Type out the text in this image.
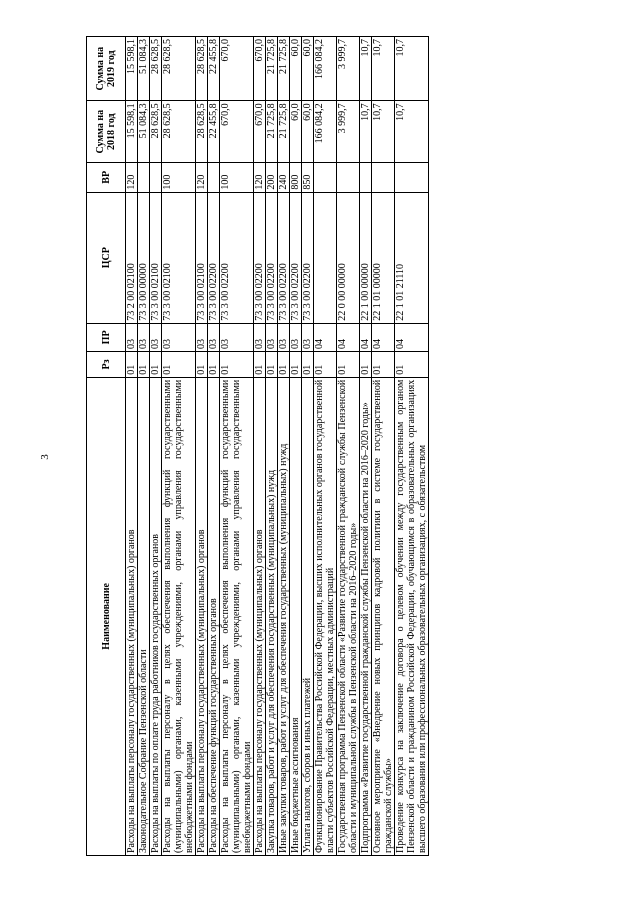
3
Наименование	Рз	ПР	ЦСР	ВР	Сумма на 2018 год	Сумма на 2019 год
Расходы на выплаты персоналу государственных (муниципальных) органов	01	03	73 2 00 02100	120	15 598,1	15 598,1
Законодательное Собрание Пензенской области	01	03	73 3 00 00000		51 084,3	51 084,3
Расходы на выплаты по оплате труда работников государственных органов	01	03	73 3 00 02100		28 628,5	28 628,5
Расходы на выплаты персоналу в целях обеспечения выполнения функций государственными (муниципальными) органами, казенными учреждениями, органами управления государственными внебюджетными фондами	01	03	73 3 00 02100	100	28 628,5	28 628,5
Расходы на выплаты персоналу государственных (муниципальных) органов	01	03	73 3 00 02100	120	28 628,5	28 628,5
Расходы на обеспечение функций государственных органов	01	03	73 3 00 02200		22 455,8	22 455,8
Расходы на выплаты персоналу в целях обеспечения выполнения функций государственными (муниципальными) органами, казенными учреждениями, органами управления государственными внебюджетными фондами	01	03	73 3 00 02200	100	670,0	670,0
Расходы на выплаты персоналу государственных (муниципальных) органов	01	03	73 3 00 02200	120	670,0	670,0
Закупка товаров, работ и услуг для обеспечения государственных (муниципальных) нужд	01	03	73 3 00 02200	200	21 725,8	21 725,8
Иные закупки товаров, работ и услуг для обеспечения государственных (муниципальных) нужд	01	03	73 3 00 02200	240	21 725,8	21 725,8
Иные бюджетные ассигнования	01	03	73 3 00 02200	800	60,0	60,0
Уплата налогов, сборов и иных платежей	01	03	73 3 00 02200	850	60,0	60,0
Функционирование Правительства Российской Федерации, высших исполнительных органов государственной власти субъектов Российской Федерации, местных администраций	01	04			166 084,2	166 084,2
Государственная программа Пензенской области «Развитие государственной гражданской службы Пензенской области и муниципальной службы в Пензенской области на 2016–2020 годы»	01	04	22 0 00 00000		3 999,7	3 999,7
Подпрограмма «Развитие государственной гражданской службы Пензенской области на 2016–2020 годы»	01	04	22 1 00 00000		10,7	10,7
Основное мероприятие «Внедрение новых принципов кадровой политики в системе государственной гражданской службы»	01	04	22 1 01 00000		10,7	10,7
Проведение конкурса на заключение договора о целевом обучении между государственным органом Пензенской области и гражданином Российской Федерации, обучающимся в образовательных организациях высшего образования или профессиональных образовательных организациях, с обязательством	01	04	22 1 01 21110		10,7	10,7
